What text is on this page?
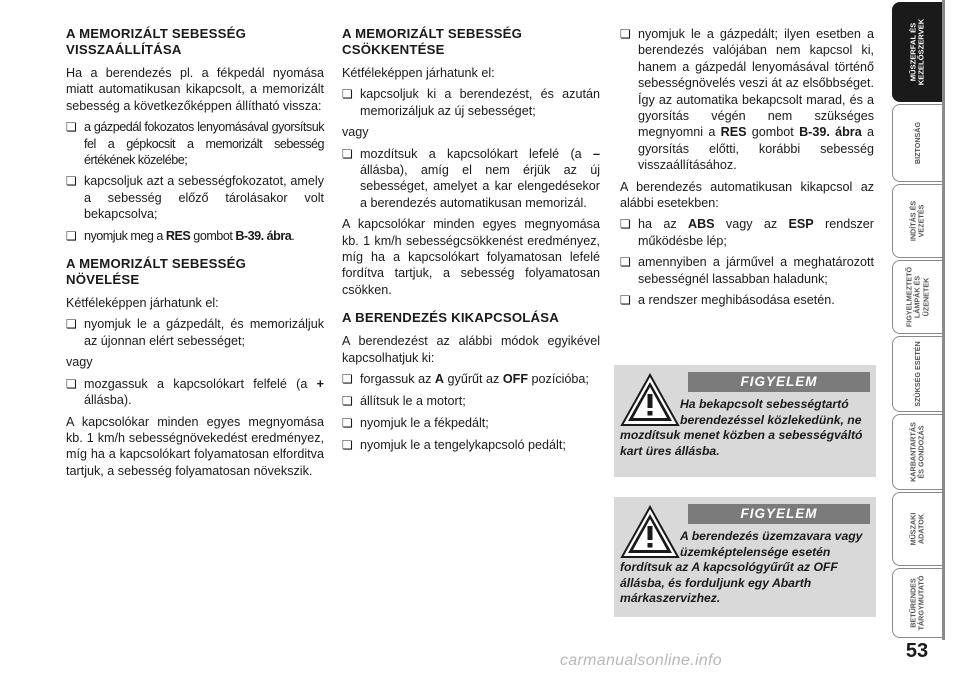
A MEMORIZÁLT SEBESSÉG
VISSZAÁLLÍTÁSA
Ha a berendezés pl. a fékpedál nyomása miatt automatikusan kikapcsolt, a memorizált sebesség a következőképpen állítható vissza:
❏ a gázpedál fokozatos lenyomásával gyorsítsuk fel a gépkocsit a memorizált sebesség értékének közelébe;
❏ kapcsoljuk azt a sebességfokozatot, amely a sebesség előző tárolásakor volt bekapcsolva;
❏ nyomjuk meg a RES gombot B-39. ábra.
A MEMORIZÁLT SEBESSÉG
NÖVELÉSE
Kétféleképpen járhatunk el:
❏ nyomjuk le a gázpedált, és memorizáljuk az újonnan elért sebességet;
vagy
❏ mozgassuk a kapcsolókart felfelé (a + állásba).
A kapcsolókar minden egyes megnyomása kb. 1 km/h sebességnövekedést eredményez, míg ha a kapcsolókart folyamatosan elforditva tartjuk, a sebesség folyamatosan növekszik.
A MEMORIZÁLT SEBESSÉG
CSÖKKENTÉSE
Kétféleképpen járhatunk el:
❏ kapcsoljuk ki a berendezést, és azután memorizáljuk az új sebességet;
vagy
❏ mozdítsuk a kapcsolókart lefelé (a – állásba), amíg el nem érjük az új sebességet, amelyet a kar elengedésekor a berendezés automatikusan memorizál.
A kapcsolókar minden egyes megnyomása kb. 1 km/h sebességcsökkenést eredményez, míg ha a kapcsolókart folyamatosan lefelé fordítva tartjuk, a sebesség folyamatosan csökken.
A BERENDEZÉS KIKAPCSOLÁSA
A berendezést az alábbi módok egyikével kapcsolhatjuk ki:
❏ forgassuk az A gyűrűt az OFF pozícióba;
❏ állítsuk le a motort;
❏ nyomjuk le a fékpedált;
❏ nyomjuk le a tengelykapcsoló pedált;
❏ nyomjuk le a gázpedált; ilyen esetben a berendezés valójában nem kapcsol ki, hanem a gázpedál lenyomásával történő sebességnövelés veszi át az elsőbbséget. Így az automatika bekapcsolt marad, és a gyorsítás végén nem szükséges megnyomni a RES gombot B-39. ábra a gyorsítás előtti, korábbi sebesség visszaállításához.
A berendezés automatikusan kikapcsol az alábbi esetekben:
❏ ha az ABS vagy az ESP rendszer működésbe lép;
❏ amennyiben a járművel a meghatározott sebességnél lassabban haladunk;
❏ a rendszer meghibásodása esetén.
FIGYELEM
Ha bekapcsolt sebességtartó berendezéssel közlekedünk, ne mozdítsuk menet közben a sebességváltó kart üres állásba.
FIGYELEM
A berendezés üzemzavara vagy üzemképtelensége esetén fordítsuk az A kapcsológyűrűt az OFF állásba, és forduljunk egy Abarth márkaszervizhez.
MŰSZERFAL ÉS KEZELŐSZERVEK
BIZTONSÁG
INDÍTÁS ÉS VEZETÉS
FIGYELMEZTETŐ LÁMPÁK ÉS ÜZENETEK
SZÜKSÉG ESETÉN
KARBANTARTÁS ÉS GONDOZÁS
MŰSZAKI ADATOK
BETŰRENDES TÁRGYMUTATÓ
53
carmanualsonline.info
